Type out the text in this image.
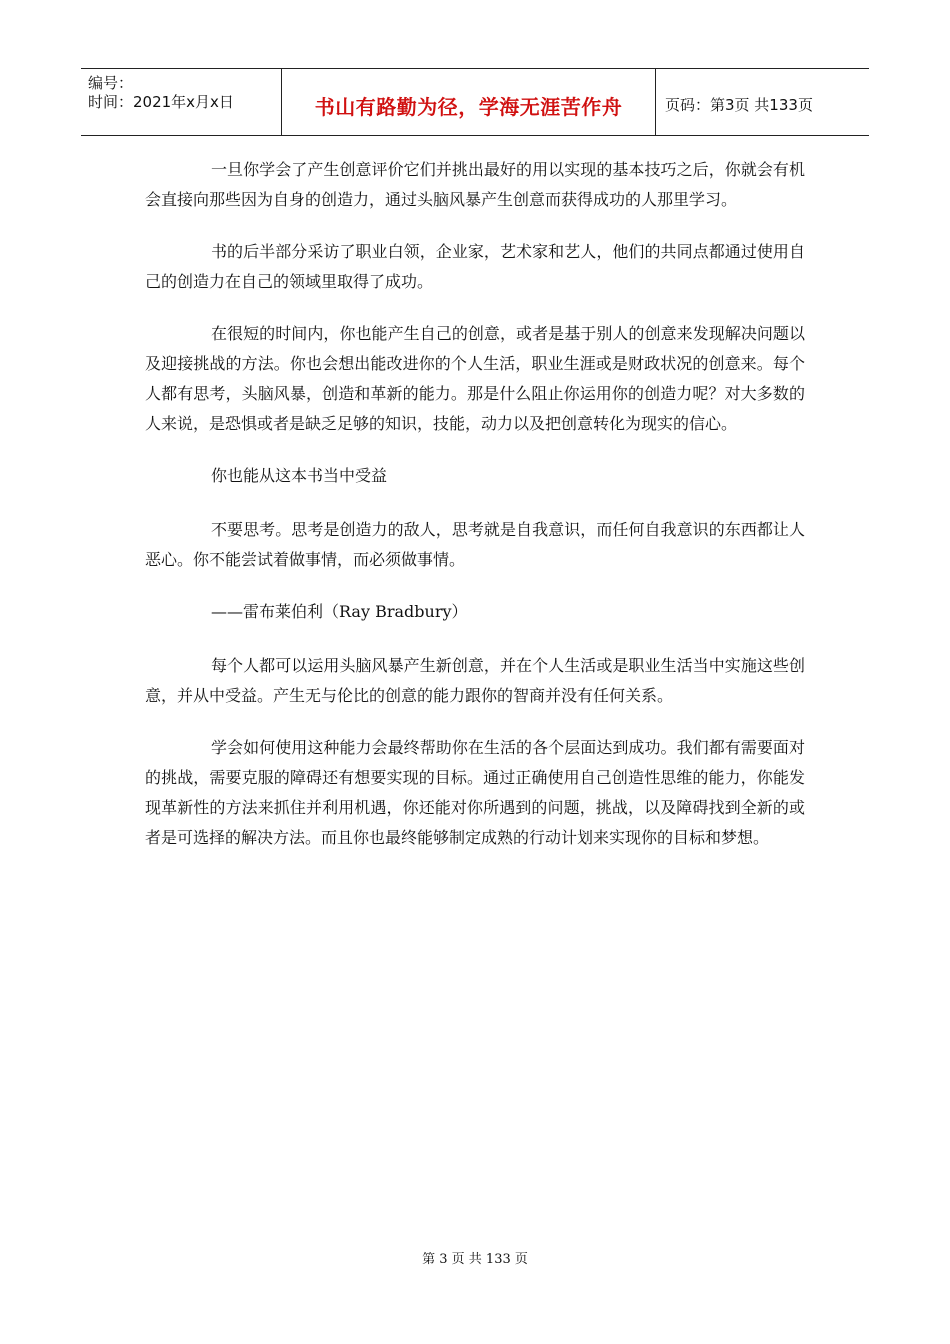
编号：
时间：2021年x月x日	书山有路勤为径，学海无涯苦作舟	页码：第3页 共133页

一旦你学会了产生创意评价它们并挑出最好的用以实现的基本技巧之后，你就会有机会直接向那些因为自身的创造力，通过头脑风暴产生创意而获得成功的人那里学习。

书的后半部分采访了职业白领，企业家，艺术家和艺人，他们的共同点都通过使用自己的创造力在自己的领域里取得了成功。

在很短的时间内，你也能产生自己的创意，或者是基于别人的创意来发现解决问题以及迎接挑战的方法。你也会想出能改进你的个人生活，职业生涯或是财政状况的创意来。每个人都有思考，头脑风暴，创造和革新的能力。那是什么阻止你运用你的创造力呢？对大多数的人来说，是恐惧或者是缺乏足够的知识，技能，动力以及把创意转化为现实的信心。

你也能从这本书当中受益

不要思考。思考是创造力的敌人，思考就是自我意识，而任何自我意识的东西都让人恶心。你不能尝试着做事情，而必须做事情。

——雷布莱伯利（Ray Bradbury）

每个人都可以运用头脑风暴产生新创意，并在个人生活或是职业生活当中实施这些创意，并从中受益。产生无与伦比的创意的能力跟你的智商并没有任何关系。

学会如何使用这种能力会最终帮助你在生活的各个层面达到成功。我们都有需要面对的挑战，需要克服的障碍还有想要实现的目标。通过正确使用自己创造性思维的能力，你能发现革新性的方法来抓住并利用机遇，你还能对你所遇到的问题，挑战，以及障碍找到全新的或者是可选择的解决方法。而且你也最终能够制定成熟的行动计划来实现你的目标和梦想。

第 3 页 共 133 页
